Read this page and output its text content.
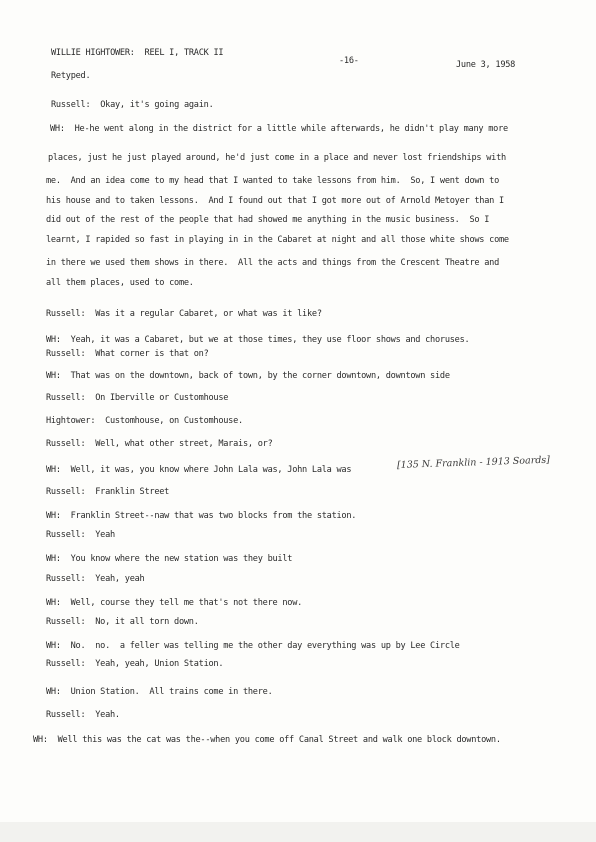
WILLIE HIGHTOWER:  REEL I, TRACK II
-16-	June 3, 1958
Retyped.
Russell:  Okay, it's going again.
WH:  He-he went along in the district for a little while afterwards, he didn't play many more
places, just he just played around, he'd just come in a place and never lost friendships with
me.  And an idea come to my head that I wanted to take lessons from him.  So, I went down to
his house and to taken lessons.  And I found out that I got more out of Arnold Metoyer than I
did out of the rest of the people that had showed me anything in the music business.  So I
learnt, I rapided so fast in playing in in the Cabaret at night and all those white shows come
in there we used them shows in there.  All the acts and things from the Crescent Theatre and
all them places, used to come.
Russell:  Was it a regular Cabaret, or what was it like?
WH:  Yeah, it was a Cabaret, but we at those times, they use floor shows and choruses.
Russell:  What corner is that on?
WH:  That was on the downtown, back of town, by the corner downtown, downtown side
Russell:  On Iberville or Customhouse
Hightower:  Customhouse, on Customhouse.
Russell:  Well, what other street, Marais, or?
WH:  Well, it was, you know where John Lala was, John Lala was
Russell:  Franklin Street
WH:  Franklin Street--naw that was two blocks from the station.
Russell:  Yeah
WH:  You know where the new station was they built
Russell:  Yeah, yeah
WH:  Well, course they tell me that's not there now.
Russell:  No, it all torn down.
WH:  No.  no.  a feller was telling me the other day everything was up by Lee Circle
Russell:  Yeah, yeah, Union Station.
WH:  Union Station.  All trains come in there.
Russell:  Yeah.
WH:  Well this was the cat was the--when you come off Canal Street and walk one block downtown.
[135 N. Franklin - 1913 Soards]
